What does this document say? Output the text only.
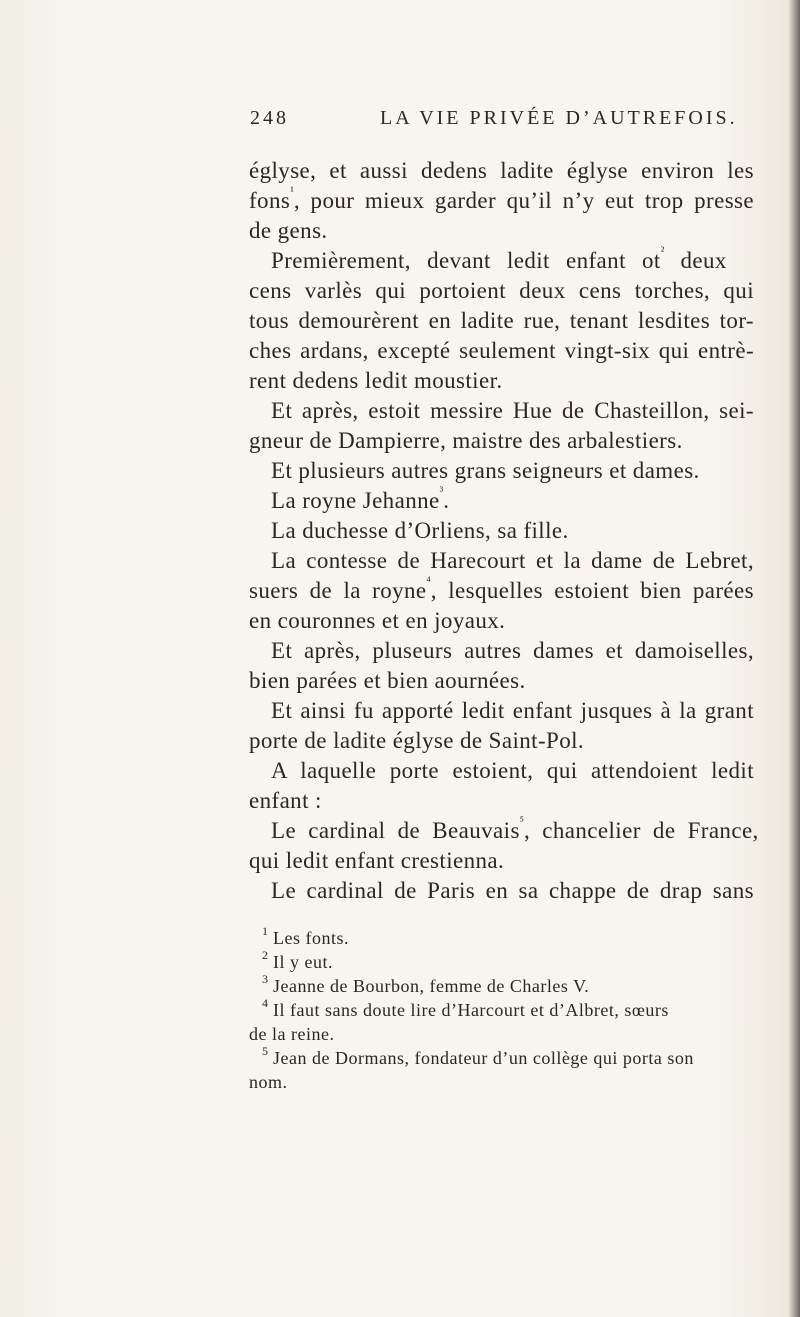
248	LA VIE PRIVÉE D’AUTREFOIS.
églyse, et aussi dedens ladite églyse environ les
fons$^{^1}$, pour mieux garder qu’il n’y eut trop presse
de gens.
Premièrement, devant ledit enfant $ot^{^2}$ deux
cens varlès qui portoient deux cens torches, qui
tous demourèrent en ladite rue, tenant lesdites tor-
ches ardans, excepté seulement vingt-six qui entrè-
rent dedens ledit moustier.
Et après, estoit messire Hue de Chasteillon, sei-
gneur de Dampierre, maistre des arbalestiers.
Et plusieurs autres grans seigneurs et dames.
La royne Jehanne$^{^3}$.
La duchesse d’Orliens, sa fille.
La contesse de Harecourt et la dame de Lebret,
suers de la royne$^{^4}$, lesquelles estoient bien parées
en couronnes et en joyaux.
Et après, pluseurs autres dames et damoiselles,
bien parées et bien aournées.
Et ainsi fu apporté ledit enfant jusques à la grant
porte de ladite églyse de Saint-Pol.
A laquelle porte estoient, qui attendoient ledit
enfant :
Le cardinal de Beauvais$^{^5}$, chancelier de France,
qui ledit enfant crestienna.
Le cardinal de Paris en sa chappe de drap sans
$^1$ Les fonts.
$^2$ Il y eut.
$^3$ Jeanne de Bourbon, femme de Charles V.
$^4$ Il faut sans doute lire d’Harcourt et d’Albret, sœurs
de la reine.
$^5$ Jean de Dormans, fondateur d’un collège qui porta son
nom.
